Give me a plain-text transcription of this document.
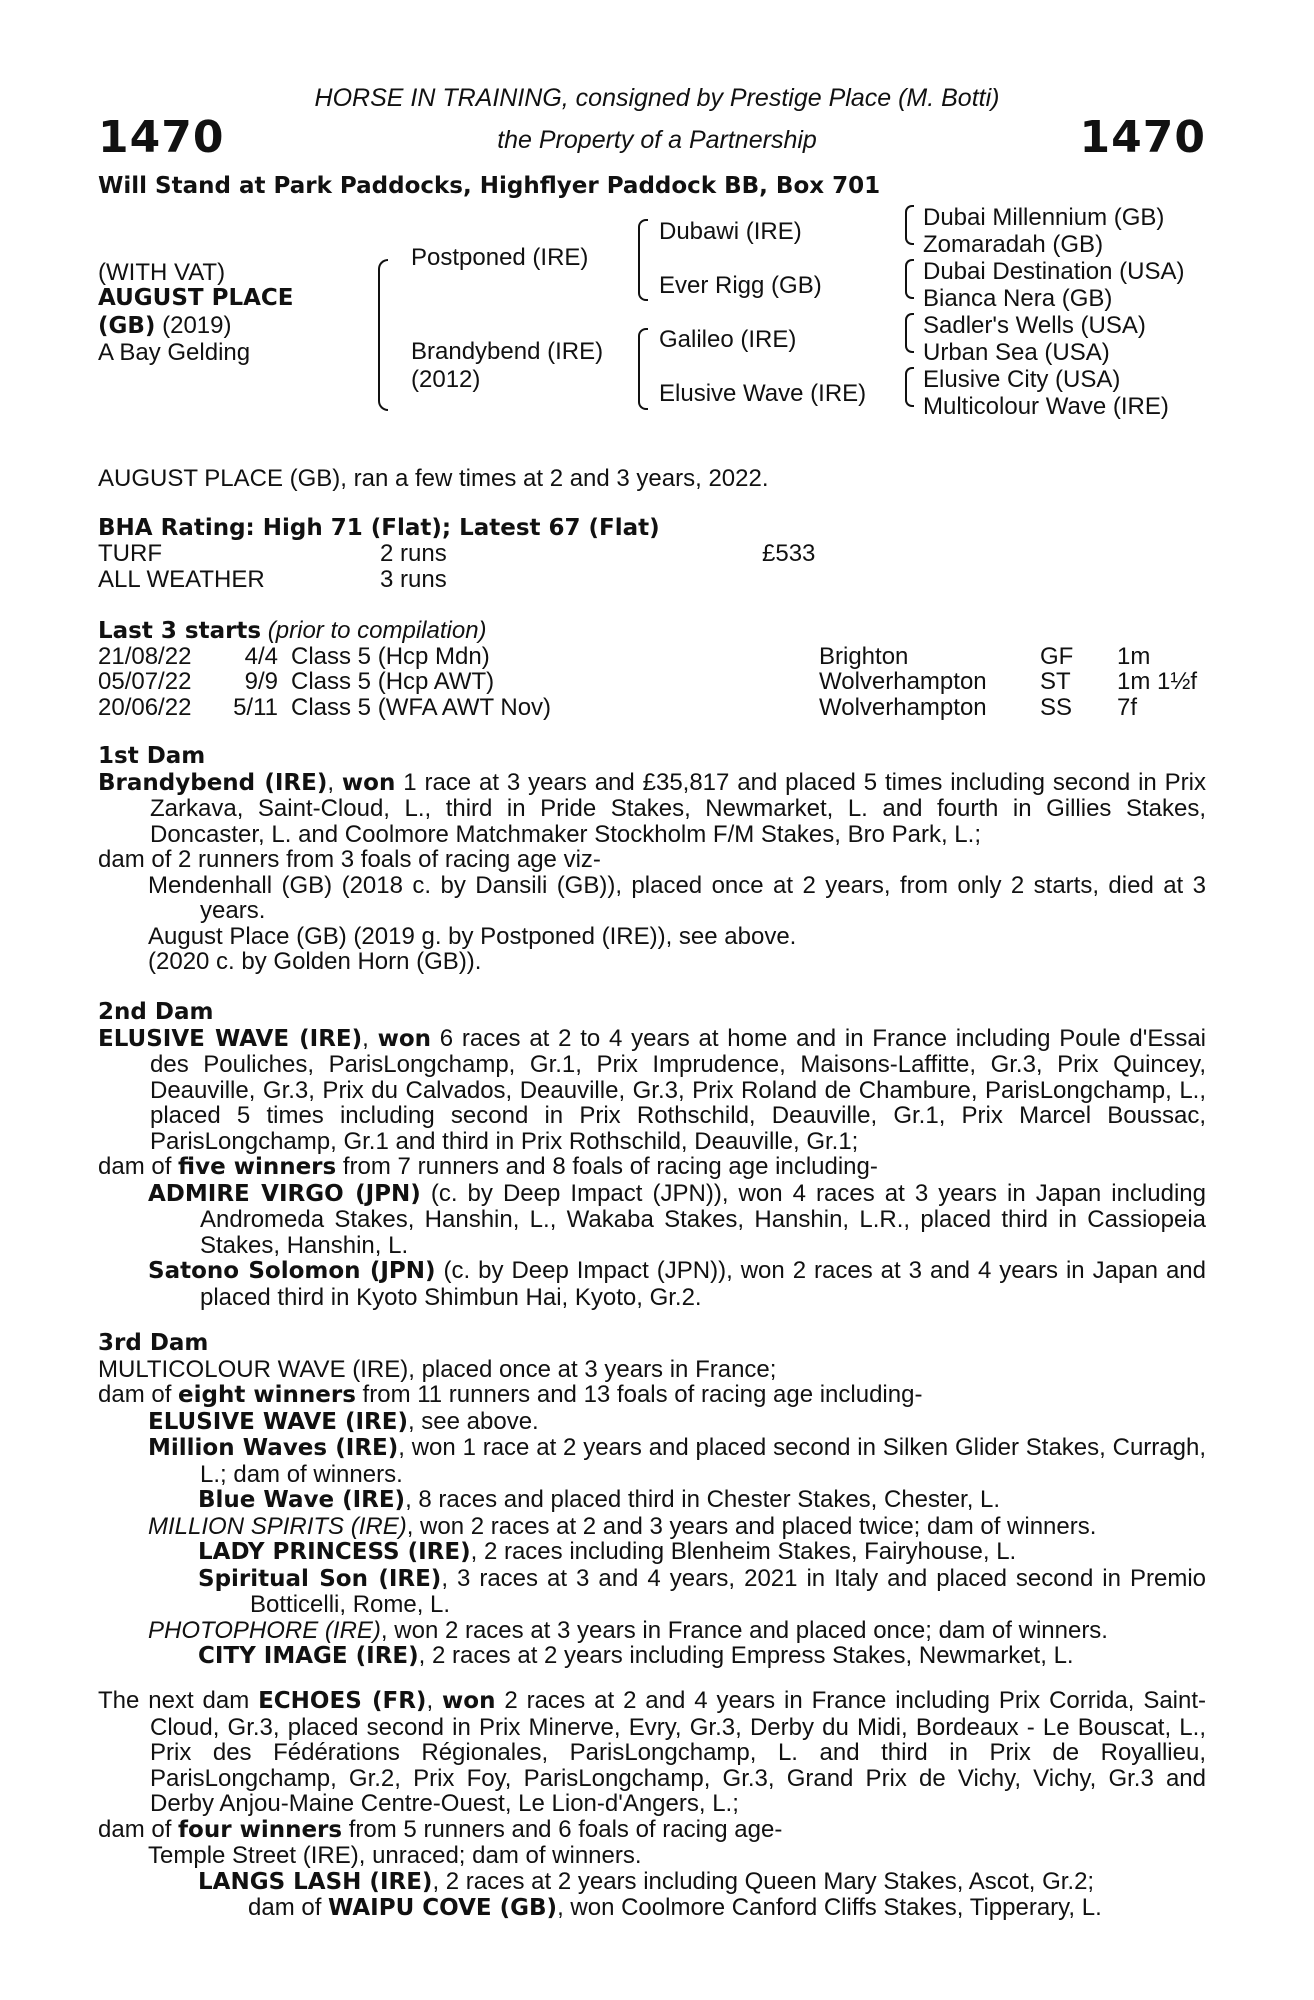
1470	1470
HORSE IN TRAINING, consigned by Prestige Place (M. Botti)
the Property of a Partnership
Will Stand at Park Paddocks, Highflyer Paddock BB, Box 701
(WITH VAT)
AUGUST PLACE
(GB) (2019)
A Bay Gelding
Postponed (IRE)
Brandybend (IRE)
(2012)
Dubawi (IRE)
Ever Rigg (GB)
Galileo (IRE)
Elusive Wave (IRE)
Dubai Millennium (GB)
Zomaradah (GB)
Dubai Destination (USA)
Bianca Nera (GB)
Sadler's Wells (USA)
Urban Sea (USA)
Elusive City (USA)
Multicolour Wave (IRE)
AUGUST PLACE (GB), ran a few times at 2 and 3 years, 2022.
BHA Rating: High 71 (Flat); Latest 67 (Flat)
TURF	2 runs	£533
ALL WEATHER	3 runs
Last 3 starts (prior to compilation)
21/08/22	4/4 Class 5 (Hcp Mdn)	Brighton	GF 1m
05/07/22	9/9 Class 5 (Hcp AWT)	Wolverhampton ST 1m 1½f
20/06/22	5/11 Class 5 (WFA AWT Nov)	Wolverhampton SS 7f

1st Dam

Brandybend (IRE), won 1 race at 3 years and £35,817 and placed 5 times including second in Prix Zarkava, Saint-Cloud, L., third in Pride Stakes, Newmarket, L. and fourth in Gillies Stakes, Doncaster, L. and Coolmore Matchmaker Stockholm F/M Stakes, Bro Park, L.;

dam of 2 runners from 3 foals of racing age viz-

Mendenhall (GB) (2018 c. by Dansili (GB)), placed once at 2 years, from only 2 starts, died at 3 years.

August Place (GB) (2019 g. by Postponed (IRE)), see above.

(2020 c. by Golden Horn (GB)).

2nd Dam

ELUSIVE WAVE (IRE), won 6 races at 2 to 4 years at home and in France including Poule d'Essai des Pouliches, ParisLongchamp, Gr.1, Prix Imprudence, Maisons-Laffitte, Gr.3, Prix Quincey, Deauville, Gr.3, Prix du Calvados, Deauville, Gr.3, Prix Roland de Chambure, ParisLongchamp, L., placed 5 times including second in Prix Rothschild, Deauville, Gr.1, Prix Marcel Boussac, ParisLongchamp, Gr.1 and third in Prix Rothschild, Deauville, Gr.1;

dam of five winners from 7 runners and 8 foals of racing age including-

ADMIRE VIRGO (JPN) (c. by Deep Impact (JPN)), won 4 races at 3 years in Japan including Andromeda Stakes, Hanshin, L., Wakaba Stakes, Hanshin, L.R., placed third in Cassiopeia Stakes, Hanshin, L.

Satono Solomon (JPN) (c. by Deep Impact (JPN)), won 2 races at 3 and 4 years in Japan and placed third in Kyoto Shimbun Hai, Kyoto, Gr.2.

3rd Dam

MULTICOLOUR WAVE (IRE), placed once at 3 years in France;

dam of eight winners from 11 runners and 13 foals of racing age including-

ELUSIVE WAVE (IRE), see above.

Million Waves (IRE), won 1 race at 2 years and placed second in Silken Glider Stakes, Curragh, L.; dam of winners.

Blue Wave (IRE), 8 races and placed third in Chester Stakes, Chester, L.

MILLION SPIRITS (IRE), won 2 races at 2 and 3 years and placed twice; dam of winners.

LADY PRINCESS (IRE), 2 races including Blenheim Stakes, Fairyhouse, L.

Spiritual Son (IRE), 3 races at 3 and 4 years, 2021 in Italy and placed second in Premio Botticelli, Rome, L.

PHOTOPHORE (IRE), won 2 races at 3 years in France and placed once; dam of winners.

CITY IMAGE (IRE), 2 races at 2 years including Empress Stakes, Newmarket, L.

The next dam ECHOES (FR), won 2 races at 2 and 4 years in France including Prix Corrida, Saint-Cloud, Gr.3, placed second in Prix Minerve, Evry, Gr.3, Derby du Midi, Bordeaux - Le Bouscat, L., Prix des Fédérations Régionales, ParisLongchamp, L. and third in Prix de Royallieu, ParisLongchamp, Gr.2, Prix Foy, ParisLongchamp, Gr.3, Grand Prix de Vichy, Vichy, Gr.3 and Derby Anjou-Maine Centre-Ouest, Le Lion-d'Angers, L.;

dam of four winners from 5 runners and 6 foals of racing age-

Temple Street (IRE), unraced; dam of winners.

LANGS LASH (IRE), 2 races at 2 years including Queen Mary Stakes, Ascot, Gr.2;

dam of WAIPU COVE (GB), won Coolmore Canford Cliffs Stakes, Tipperary, L.
